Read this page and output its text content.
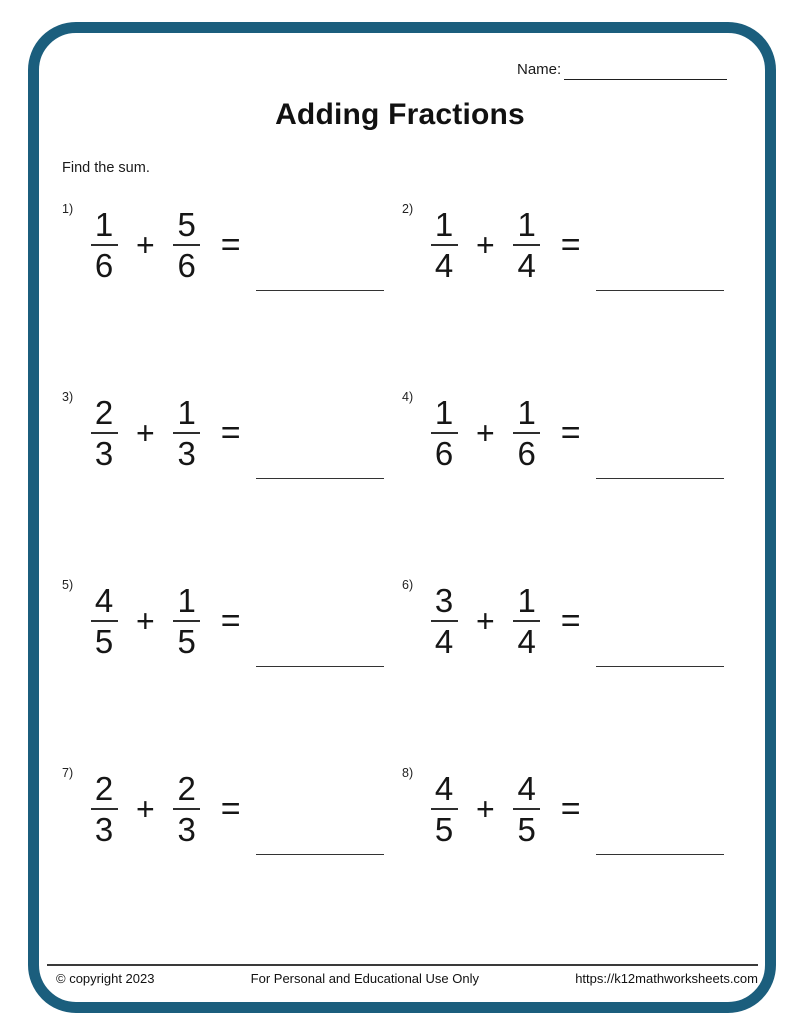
Name:
Adding Fractions
Find the sum.
$1) \frac{1}{6} + \frac{5}{6}$ =
$2) \frac{1}{4} + \frac{1}{4}$ =
$3) \frac{2}{3} + \frac{1}{3}$ =
$4) \frac{1}{6} + \frac{1}{6}$ =
$5) \frac{4}{5} + \frac{1}{5}$ =
$6) \frac{3}{4} + \frac{1}{4}$ =
$7) \frac{2}{3} + \frac{2}{3}$ =
$8) \frac{4}{5} + \frac{4}{5}$ =
© copyright 2023	For Personal and Educational Use Only	https://k12mathworksheets.com
